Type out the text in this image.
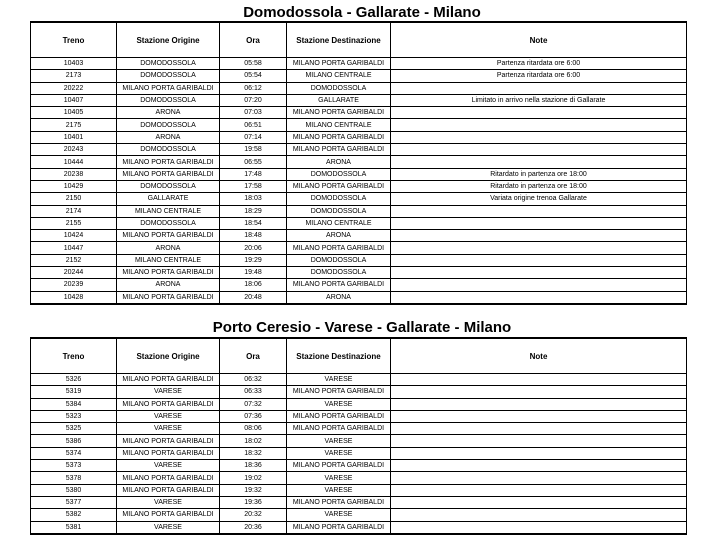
Domodossola - Gallarate - Milano
Treno	Stazione Origine	Ora	Stazione Destinazione	Note
10403	DOMODOSSOLA	05:58	MILANO PORTA GARIBALDI	Partenza ritardata ore 6:00
2173	DOMODOSSOLA	05:54	MILANO CENTRALE	Partenza ritardata ore 6:00
20222	MILANO PORTA GARIBALDI	06:12	DOMODOSSOLA	
10407	DOMODOSSOLA	07:20	GALLARATE	Limitato in arrivo nella stazione di Gallarate
10405	ARONA	07:03	MILANO PORTA GARIBALDI	
2175	DOMODOSSOLA	06:51	MILANO CENTRALE	
10401	ARONA	07:14	MILANO PORTA GARIBALDI	
20243	DOMODOSSOLA	19:58	MILANO PORTA GARIBALDI	
10444	MILANO PORTA GARIBALDI	06:55	ARONA	
20238	MILANO PORTA GARIBALDI	17:48	DOMODOSSOLA	Ritardato in partenza ore 18:00
10429	DOMODOSSOLA	17:58	MILANO PORTA GARIBALDI	Ritardato in partenza ore 18:00
2150	GALLARATE	18:03	DOMODOSSOLA	Variata origine trenoa Gallarate
2174	MILANO CENTRALE	18:29	DOMODOSSOLA	
2155	DOMODOSSOLA	18:54	MILANO CENTRALE	
10424	MILANO PORTA GARIBALDI	18:48	ARONA	
10447	ARONA	20:06	MILANO PORTA GARIBALDI	
2152	MILANO CENTRALE	19:29	DOMODOSSOLA	
20244	MILANO PORTA GARIBALDI	19:48	DOMODOSSOLA	
20239	ARONA	18:06	MILANO PORTA GARIBALDI	
10428	MILANO PORTA GARIBALDI	20:48	ARONA	
Porto Ceresio - Varese - Gallarate - Milano
Treno	Stazione Origine	Ora	Stazione Destinazione	Note
5326	MILANO PORTA GARIBALDI	06:32	VARESE	
5319	VARESE	06:33	MILANO PORTA GARIBALDI	
5384	MILANO PORTA GARIBALDI	07:32	VARESE	
5323	VARESE	07:36	MILANO PORTA GARIBALDI	
5325	VARESE	08:06	MILANO PORTA GARIBALDI	
5386	MILANO PORTA GARIBALDI	18:02	VARESE	
5374	MILANO PORTA GARIBALDI	18:32	VARESE	
5373	VARESE	18:36	MILANO PORTA GARIBALDI	
5378	MILANO PORTA GARIBALDI	19:02	VARESE	
5380	MILANO PORTA GARIBALDI	19:32	VARESE	
5377	VARESE	19:36	MILANO PORTA GARIBALDI	
5382	MILANO PORTA GARIBALDI	20:32	VARESE	
5381	VARESE	20:36	MILANO PORTA GARIBALDI	
